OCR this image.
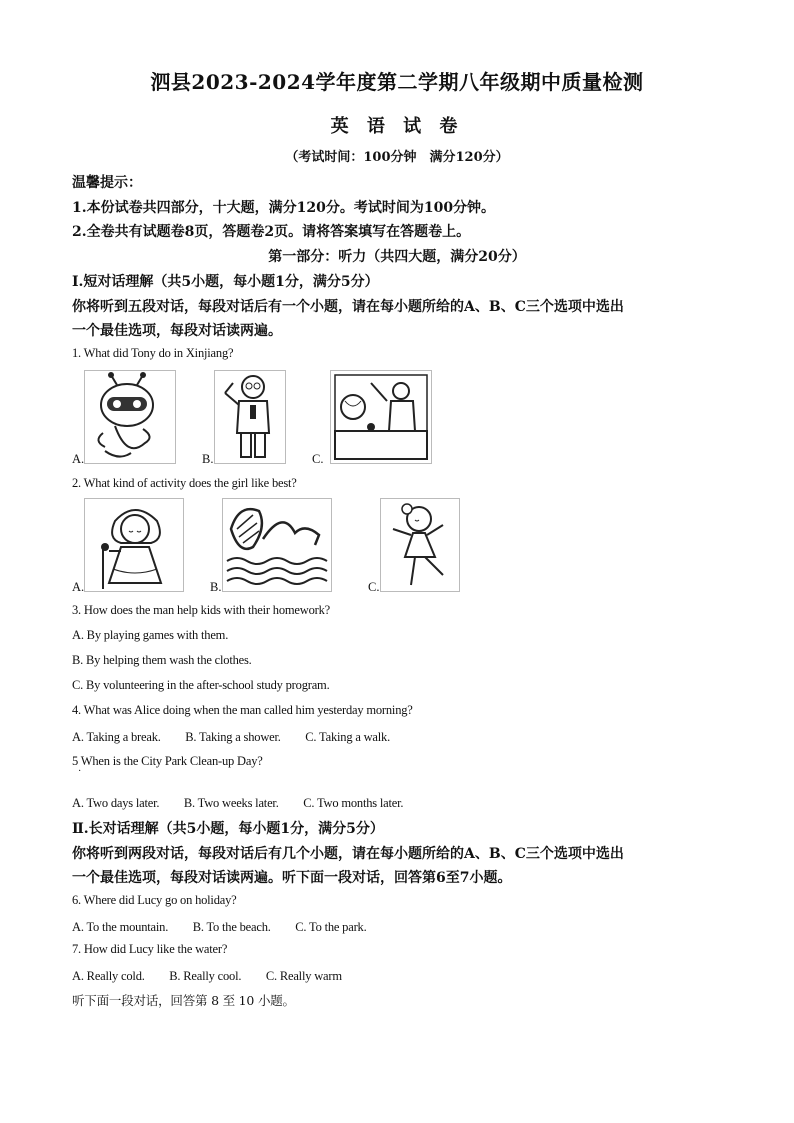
泗县2023-2024学年度第二学期八年级期中质量检测
英 语 试 卷
（考试时间：100分钟　满分120分）
温馨提示：
1.本份试卷共四部分，十大题，满分120分。考试时间为100分钟。
2.全卷共有试题卷8页，答题卷2页。请将答案填写在答题卷上。
第一部分：听力（共四大题，满分20分）
Ⅰ.短对话理解（共5小题，每小题1分，满分5分）
你将听到五段对话，每段对话后有一个小题，请在每小题所给的A、B、C三个选项中选出
一个最佳选项，每段对话读两遍。
1. What did Tony do in Xinjiang?
A.	B.	C.
2. What kind of activity does the girl like best?
A.	B.	C.
3. How does the man help kids with their homework?
A. By playing games with them.
B. By helping them wash the clothes.
C. By volunteering in the after-school study program.
4. What was Alice doing when the man called him yesterday morning?
A. Taking a break.　　B. Taking a shower.　　C. Taking a walk.
5 When is the City Park Clean-up Day?
·
A. Two days later.　　B. Two weeks later.　　C. Two months later.
Ⅱ.长对话理解（共5小题，每小题1分，满分5分）
你将听到两段对话，每段对话后有几个小题，请在每小题所给的A、B、C三个选项中选出
一个最佳选项，每段对话读两遍。听下面一段对话，回答第6至7小题。
6. Where did Lucy go on holiday?
A. To the mountain.　　B. To the beach.　　C. To the park.
7. How did Lucy like the water?
A. Really cold.　　B. Really cool.　　C. Really warm
听下面一段对话，回答第 8 至 10 小题。
